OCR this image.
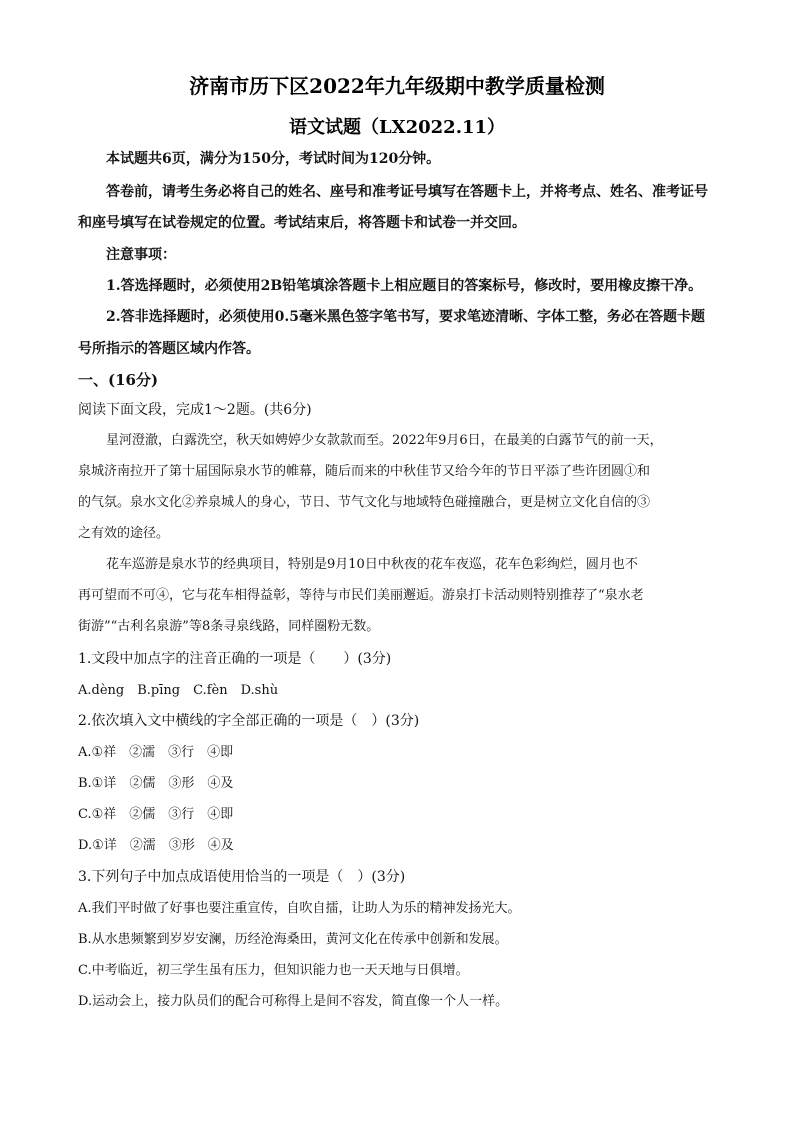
济南市历下区2022年九年级期中教学质量检测
语文试题（LX2022.11）
本试题共6页，满分为150分，考试时间为120分钟。
答卷前，请考生务必将自己的姓名、座号和准考证号填写在答题卡上，并将考点、姓名、准考证号
和座号填写在试卷规定的位置。考试结束后，将答题卡和试卷一并交回。
注意事项：
1.答选择题时，必须使用2B铅笔填涂答题卡上相应题目的答案标号，修改时，要用橡皮擦干净。
2.答非选择题时，必须使用0.5毫米黑色签字笔书写，要求笔迹清晰、字体工整，务必在答题卡题
号所指示的答题区域内作答。
一、(16分)
阅读下面文段，完成1～2题。(共6分)
星河澄澈，白露洗空，秋天如娉婷少女款款而至。2022年9月6日，在最美的白露节气的前一天，
泉城济南拉开了第十届国际泉水节的帷幕，随后而来的中秋佳节又给今年的节日平添了些许团圆①和
的气氛。泉水文化②养泉城人的身心，节日、节气文化与地域特色碰撞融合，更是树立文化自信的③
之有效的途径。
花车巡游是泉水节的经典项目，特别是9月10日中秋夜的花车夜巡，花车色彩绚烂，圆月也不
再可望而不可④，它与花车相得益彰，等待与市民们美丽邂逅。游泉打卡活动则特别推荐了“泉水老
街游”“古利名泉游”等8条寻泉线路，同样圈粉无数。
1.文段中加点字的注音正确的一项是（　　）(3分)
A.dèng　B.pīng　C.fèn　D.shù
2.依次填入文中横线的字全部正确的一项是（　）(3分)
A.①祥　②濡　③行　④即
B.①详　②儒　③形　④及
C.①祥　②儒　③行　④即
D.①详　②濡　③形　④及
3.下列句子中加点成语使用恰当的一项是（　）(3分)
A.我们平时做了好事也要注重宣传，自吹自擂，让助人为乐的精神发扬光大。
B.从水患频繁到岁岁安澜，历经沧海桑田，黄河文化在传承中创新和发展。
C.中考临近，初三学生虽有压力，但知识能力也一天天地与日俱增。
D.运动会上，接力队员们的配合可称得上是间不容发，简直像一个人一样。
